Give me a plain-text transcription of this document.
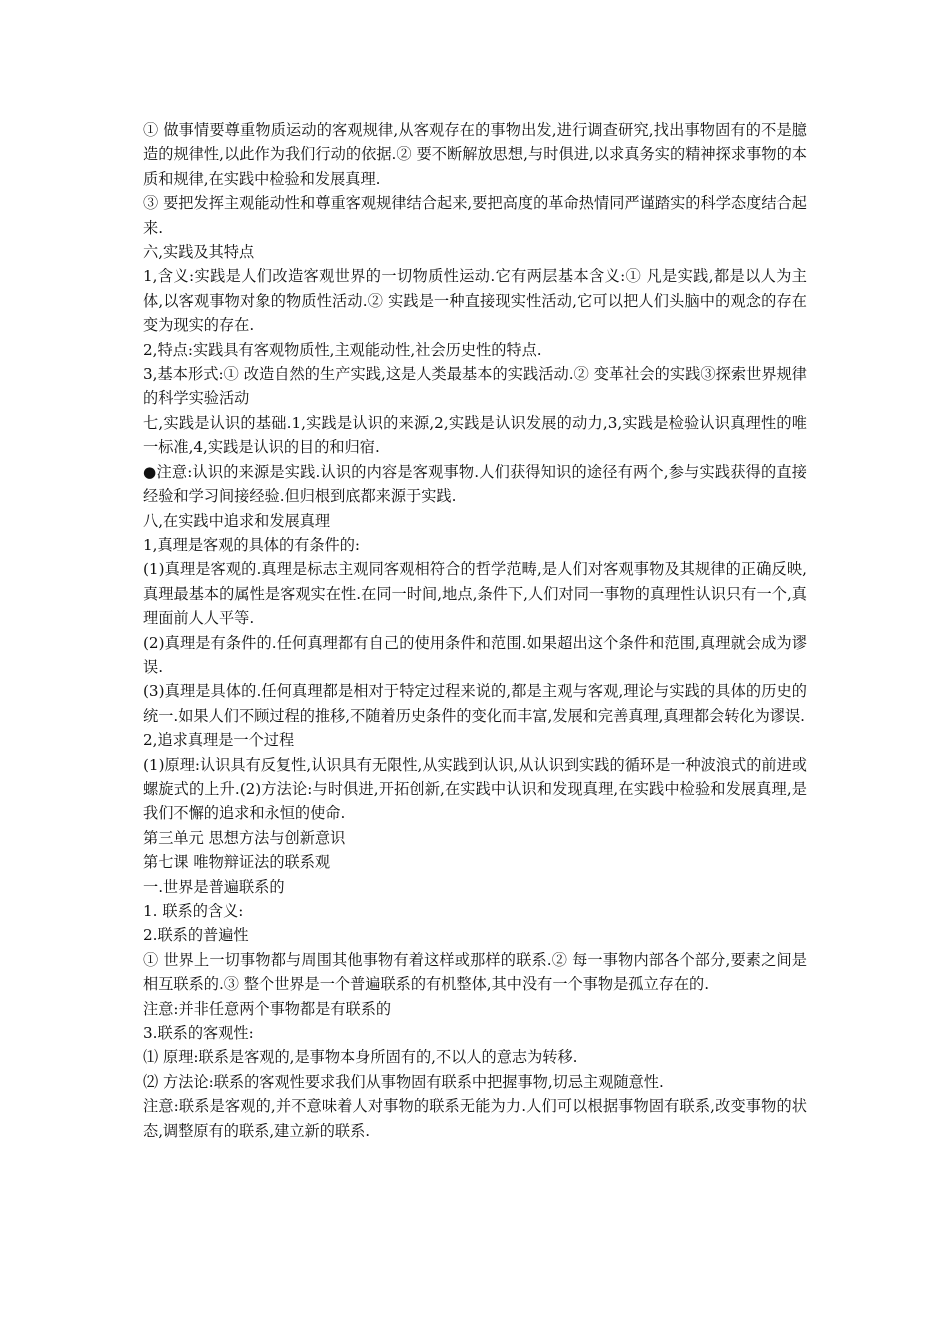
① 做事情要尊重物质运动的客观规律,从客观存在的事物出发,进行调查研究,找出事物固有的不是臆造的规律性,以此作为我们行动的依据.② 要不断解放思想,与时俱进,以求真务实的精神探求事物的本质和规律,在实践中检验和发展真理.

③ 要把发挥主观能动性和尊重客观规律结合起来,要把高度的革命热情同严谨踏实的科学态度结合起来.

六,实践及其特点

1,含义:实践是人们改造客观世界的一切物质性运动.它有两层基本含义:① 凡是实践,都是以人为主体,以客观事物对象的物质性活动.② 实践是一种直接现实性活动,它可以把人们头脑中的观念的存在变为现实的存在.

2,特点:实践具有客观物质性,主观能动性,社会历史性的特点.

3,基本形式:① 改造自然的生产实践,这是人类最基本的实践活动.② 变革社会的实践③探索世界规律的科学实验活动

七,实践是认识的基础.1,实践是认识的来源,2,实践是认识发展的动力,3,实践是检验认识真理性的唯一标准,4,实践是认识的目的和归宿.

●注意:认识的来源是实践.认识的内容是客观事物.人们获得知识的途径有两个,参与实践获得的直接经验和学习间接经验.但归根到底都来源于实践.

八,在实践中追求和发展真理

1,真理是客观的具体的有条件的:

(1)真理是客观的.真理是标志主观同客观相符合的哲学范畴,是人们对客观事物及其规律的正确反映,真理最基本的属性是客观实在性.在同一时间,地点,条件下,人们对同一事物的真理性认识只有一个,真理面前人人平等.

(2)真理是有条件的.任何真理都有自己的使用条件和范围.如果超出这个条件和范围,真理就会成为谬误.

(3)真理是具体的.任何真理都是相对于特定过程来说的,都是主观与客观,理论与实践的具体的历史的统一.如果人们不顾过程的推移,不随着历史条件的变化而丰富,发展和完善真理,真理都会转化为谬误.

2,追求真理是一个过程

(1)原理:认识具有反复性,认识具有无限性,从实践到认识,从认识到实践的循环是一种波浪式的前进或螺旋式的上升.(2)方法论:与时俱进,开拓创新,在实践中认识和发现真理,在实践中检验和发展真理,是我们不懈的追求和永恒的使命.

第三单元 思想方法与创新意识

第七课 唯物辩证法的联系观

一.世界是普遍联系的

1. 联系的含义:

2.联系的普遍性

① 世界上一切事物都与周围其他事物有着这样或那样的联系.② 每一事物内部各个部分,要素之间是相互联系的.③ 整个世界是一个普遍联系的有机整体,其中没有一个事物是孤立存在的.

注意:并非任意两个事物都是有联系的

3.联系的客观性:

⑴ 原理:联系是客观的,是事物本身所固有的,不以人的意志为转移.

⑵ 方法论:联系的客观性要求我们从事物固有联系中把握事物,切忌主观随意性.

注意:联系是客观的,并不意味着人对事物的联系无能为力.人们可以根据事物固有联系,改变事物的状态,调整原有的联系,建立新的联系.
